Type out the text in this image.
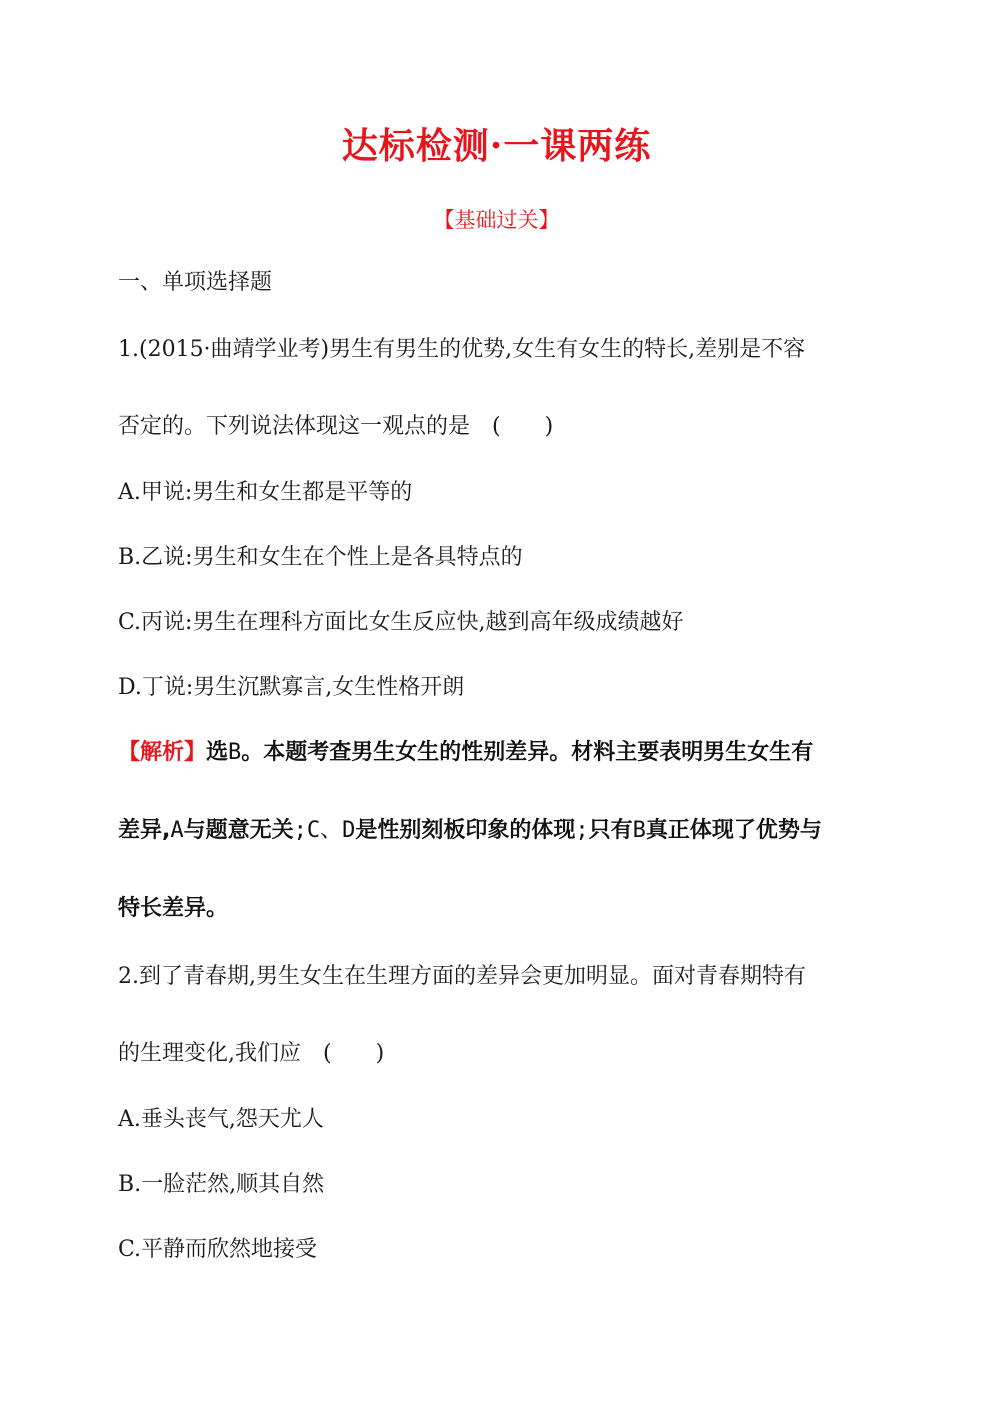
达标检测·一课两练
【基础过关】
一、单项选择题
1.(2015·曲靖学业考)男生有男生的优势,女生有女生的特长,差别是不容
否定的。下列说法体现这一观点的是　(　　)
A.甲说:男生和女生都是平等的
B.乙说:男生和女生在个性上是各具特点的
C.丙说:男生在理科方面比女生反应快,越到高年级成绩越好
D.丁说:男生沉默寡言,女生性格开朗
【解析】选B。本题考查男生女生的性别差异。材料主要表明男生女生有
差异,A与题意无关;C、D是性别刻板印象的体现;只有B真正体现了优势与
特长差异。
2.到了青春期,男生女生在生理方面的差异会更加明显。面对青春期特有
的生理变化,我们应　(　　)
A.垂头丧气,怨天尤人
B.一脸茫然,顺其自然
C.平静而欣然地接受
